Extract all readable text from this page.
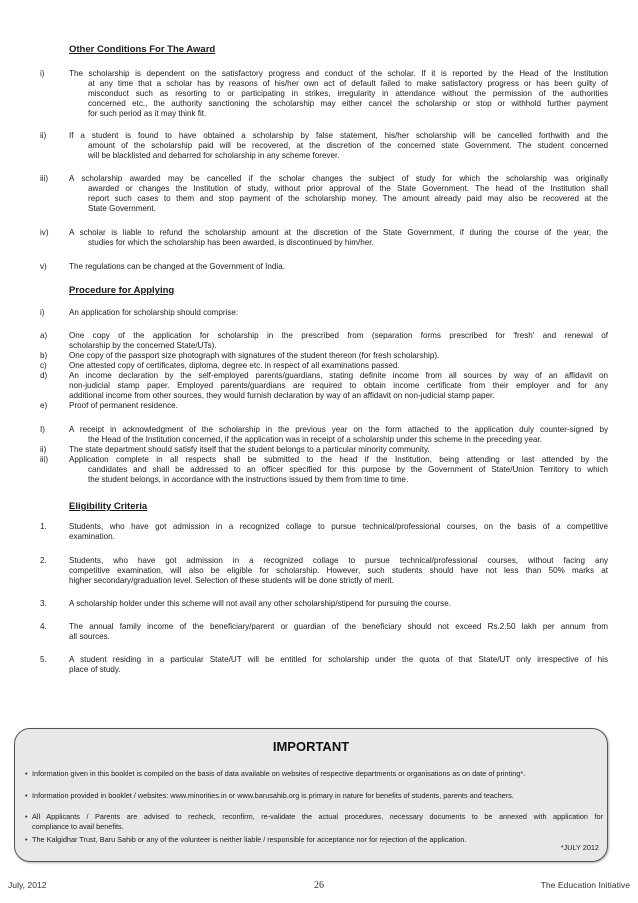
Other Conditions For The Award
i)	The scholarship is dependent on the satisfactory progress and conduct of the scholar. If it is reported by the Head of the Institution
at any time that a scholar has by reasons of his/her own act of default failed to make satisfactory progress or has been guilty of
misconduct such as resorting to or participating in strikes, irregularity in attendance without the permission of the authorities
concerned etc., the authority sanctioning the scholarship may either cancel the scholarship or stop or withhold further payment
for such period as it may think fit.
ii)	If a student is found to have obtained a scholarship by false statement, his/her scholarship will be cancelled forthwith and the
amount of the scholarship paid will be recovered, at the discretion of the concerned state Government. The student concerned
will be blacklisted and debarred for scholarship in any scheme forever.
iii)	A scholarship awarded may be cancelled if the scholar changes the subject of study for which the scholarship was originally
awarded or changes the Institution of study, without prior approval of the State Government. The head of the Institution shall
report such cases to them and stop payment of the scholarship money. The amount already paid may also be recovered at the
State Government.
iv)	A scholar is liable to refund the scholarship amount at the discretion of the State Government, if during the course of the year, the
studies for which the scholarship has been awarded, is discontinued by him/her.
v)	The regulations can be changed at the Government of India.
Procedure for Applying
i)	An application for scholarship should comprise:
a)	One copy of the application for scholarship in the prescribed from (separation forms prescribed for 'fresh' and renewal of
scholarship by the concerned State/UTs).
b)	One copy of the passport size photograph with signatures of the student thereon (for fresh scholarship).
c)	One attested copy of certificates, diploma, degree etc. in respect of all examinations passed.
d)	An income declaration by the self-employed parents/guardians, stating definite income from all sources by way of an affidavit on
non-judicial stamp paper. Employed parents/guardians are required to obtain income certificate from their employer and for any
additional income from other sources, they would furnish declaration by way of an affidavit on non-judicial stamp paper.
e)	Proof of permanent residence.
I)	A receipt in acknowledgment of the scholarship in the previous year on the form attached to the application duly counter-signed by
the Head of the Institution concerned, if the application was in receipt of a scholarship under this scheme in the preceding year.
ii)	The state department should satisfy itself that the student belongs to a particular minority community.
iii)	Application complete in all respects shall be submitted to the head if the Institution, being attending or last attended by the
candidates and shall be addressed to an officer specified for this purpose by the Government of State/Union Territory to which
the student belongs, in accordance with the instructions issued by them from time to time.
Eligibility Criteria
1.	Students, who have got admission in a recognized collage to pursue technical/professional courses, on the basis of a competitive
examination.
2.	Students, who have got admission in a recognized collage to pursue technical/professional courses, without facing any
competitive examination, will also be eligible for scholarship. However, such students should have not less than 50% marks at
higher secondary/graduation level. Selection of these students will be done strictly of merit.
3.	A scholarship holder under this scheme will not avail any other scholarship/stipend for pursuing the course.
4.	The annual family income of the beneficiary/parent or guardian of the beneficiary should not exceed Rs.2.50 lakh per annum from
all sources.
5.	A student residing in a particular State/UT will be entitled for scholarship under the quota of that State/UT only irrespective of his
place of study.
IMPORTANT
• Information given in this booklet is compiled on the basis of data available on websites of respective departments or organisations as on date of printing*.
• Information provided in booklet / websites: www.minorities.in or www.barusahib.org is primary in nature for benefits of students, parents and teachers.
• All Applicants / Parents are advised to recheck, reconfirm, re-validate the actual procedures, necessary documents to be annexed with application for
compliance to avail benefits.
• The Kalgidhar Trust, Baru Sahib or any of the volunteer is neither liable / responsible for acceptance nor for rejection of the application.
*JULY 2012
July, 2012	26	The Education Initiative
